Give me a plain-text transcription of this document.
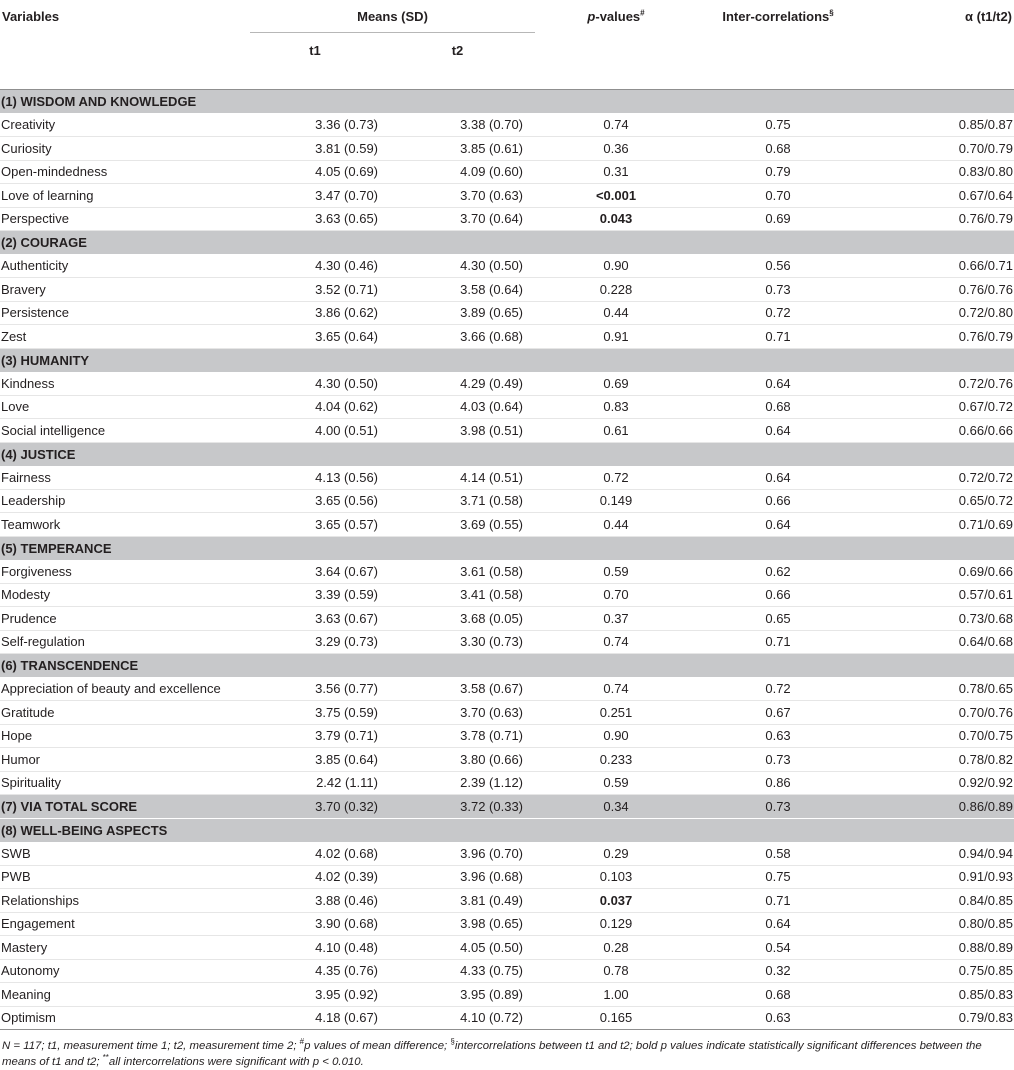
Variables	Means (SD)		p-values#	Inter-correlations§	α (t1/t2)
	t1	t2			
(1) WISDOM AND KNOWLEDGE					
Creativity	3.36 (0.73)	3.38 (0.70)	0.74	0.75	0.85/0.87
Curiosity	3.81 (0.59)	3.85 (0.61)	0.36	0.68	0.70/0.79
Open-mindedness	4.05 (0.69)	4.09 (0.60)	0.31	0.79	0.83/0.80
Love of learning	3.47 (0.70)	3.70 (0.63)	<0.001	0.70	0.67/0.64
Perspective	3.63 (0.65)	3.70 (0.64)	0.043	0.69	0.76/0.79
(2) COURAGE					
Authenticity	4.30 (0.46)	4.30 (0.50)	0.90	0.56	0.66/0.71
Bravery	3.52 (0.71)	3.58 (0.64)	0.228	0.73	0.76/0.76
Persistence	3.86 (0.62)	3.89 (0.65)	0.44	0.72	0.72/0.80
Zest	3.65 (0.64)	3.66 (0.68)	0.91	0.71	0.76/0.79
(3) HUMANITY					
Kindness	4.30 (0.50)	4.29 (0.49)	0.69	0.64	0.72/0.76
Love	4.04 (0.62)	4.03 (0.64)	0.83	0.68	0.67/0.72
Social intelligence	4.00 (0.51)	3.98 (0.51)	0.61	0.64	0.66/0.66
(4) JUSTICE					
Fairness	4.13 (0.56)	4.14 (0.51)	0.72	0.64	0.72/0.72
Leadership	3.65 (0.56)	3.71 (0.58)	0.149	0.66	0.65/0.72
Teamwork	3.65 (0.57)	3.69 (0.55)	0.44	0.64	0.71/0.69
(5) TEMPERANCE					
Forgiveness	3.64 (0.67)	3.61 (0.58)	0.59	0.62	0.69/0.66
Modesty	3.39 (0.59)	3.41 (0.58)	0.70	0.66	0.57/0.61
Prudence	3.63 (0.67)	3.68 (0.05)	0.37	0.65	0.73/0.68
Self-regulation	3.29 (0.73)	3.30 (0.73)	0.74	0.71	0.64/0.68
(6) TRANSCENDENCE					
Appreciation of beauty and excellence	3.56 (0.77)	3.58 (0.67)	0.74	0.72	0.78/0.65
Gratitude	3.75 (0.59)	3.70 (0.63)	0.251	0.67	0.70/0.76
Hope	3.79 (0.71)	3.78 (0.71)	0.90	0.63	0.70/0.75
Humor	3.85 (0.64)	3.80 (0.66)	0.233	0.73	0.78/0.82
Spirituality	2.42 (1.11)	2.39 (1.12)	0.59	0.86	0.92/0.92
(7) VIA TOTAL SCORE	3.70 (0.32)	3.72 (0.33)	0.34	0.73	0.86/0.89
(8) WELL-BEING ASPECTS					
SWB	4.02 (0.68)	3.96 (0.70)	0.29	0.58	0.94/0.94
PWB	4.02 (0.39)	3.96 (0.68)	0.103	0.75	0.91/0.93
Relationships	3.88 (0.46)	3.81 (0.49)	0.037	0.71	0.84/0.85
Engagement	3.90 (0.68)	3.98 (0.65)	0.129	0.64	0.80/0.85
Mastery	4.10 (0.48)	4.05 (0.50)	0.28	0.54	0.88/0.89
Autonomy	4.35 (0.76)	4.33 (0.75)	0.78	0.32	0.75/0.85
Meaning	3.95 (0.92)	3.95 (0.89)	1.00	0.68	0.85/0.83
Optimism	4.18 (0.67)	4.10 (0.72)	0.165	0.63	0.79/0.83
N = 117; t1, measurement time 1; t2, measurement time 2; #p values of mean difference; §intercorrelations between t1 and t2; bold p values indicate statistically significant differences between the means of t1 and t2; **all intercorrelations were significant with p < 0.010.
